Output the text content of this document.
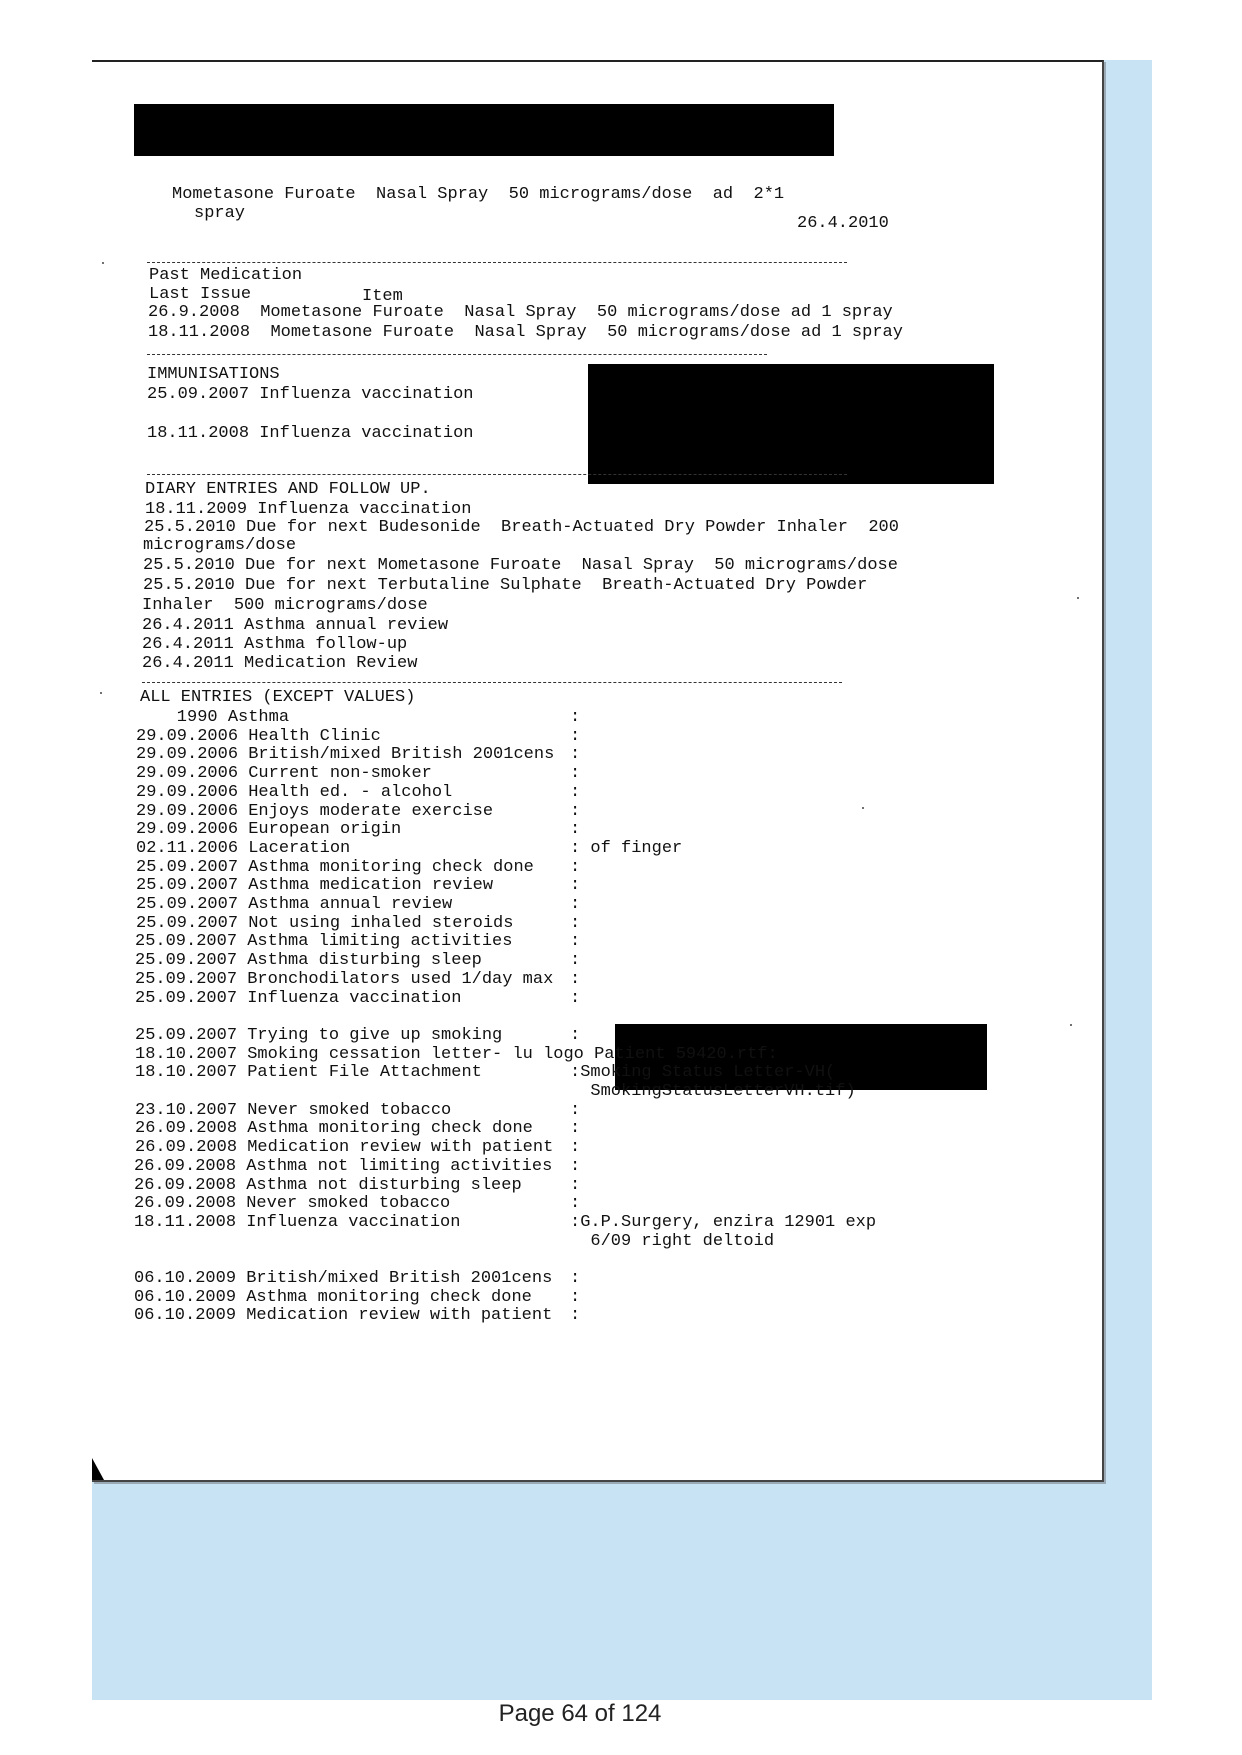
Mometasone Furoate  Nasal Spray  50 micrograms/dose  ad  2*1
spray
26.4.2010
Past Medication
Last Issue	Item
26.9.2008 Mometasone Furoate  Nasal Spray  50 micrograms/dose ad 1 spray
18.11.2008 Mometasone Furoate  Nasal Spray  50 micrograms/dose ad 1 spray
IMMUNISATIONS
25.09.2007 Influenza vaccination
18.11.2008 Influenza vaccination
DIARY ENTRIES AND FOLLOW UP.
18.11.2009 Influenza vaccination
25.5.2010 Due for next Budesonide  Breath-Actuated Dry Powder Inhaler  200
micrograms/dose
25.5.2010 Due for next Mometasone Furoate  Nasal Spray  50 micrograms/dose
25.5.2010 Due for next Terbutaline Sulphate  Breath-Actuated Dry Powder
Inhaler  500 micrograms/dose
26.4.2011 Asthma annual review
26.4.2011 Asthma follow-up
26.4.2011 Medication Review
ALL ENTRIES (EXCEPT VALUES)
1990 Asthma	:
29.09.2006 Health Clinic	:
29.09.2006 British/mixed British 2001cens :
29.09.2006 Current non-smoker	:
29.09.2006 Health ed. - alcohol	:
29.09.2006 Enjoys moderate exercise	:
29.09.2006 European origin	:
02.11.2006 Laceration	: of finger
25.09.2007 Asthma monitoring check done :
25.09.2007 Asthma medication review	:
25.09.2007 Asthma annual review	:
25.09.2007 Not using inhaled steroids	:
25.09.2007 Asthma limiting activities	:
25.09.2007 Asthma disturbing sleep	:
25.09.2007 Bronchodilators used 1/day max :
25.09.2007 Influenza vaccination	:
25.09.2007 Trying to give up smoking	:
18.10.2007 Smoking cessation letter- lu logo Patient 59420.rtf:
18.10.2007 Patient File Attachment	:Smoking Status Letter-VH(
SmokingStatusLetterVH.tif)
23.10.2007 Never smoked tobacco	:
26.09.2008 Asthma monitoring check done :
26.09.2008 Medication review with patient :
26.09.2008 Asthma not limiting activities :
26.09.2008 Asthma not disturbing sleep	:
26.09.2008 Never smoked tobacco	:
18.11.2008 Influenza vaccination	:G.P.Surgery, enzira 12901 exp
6/09 right deltoid
06.10.2009 British/mixed British 2001cens :
06.10.2009 Asthma monitoring check done :
06.10.2009 Medication review with patient :
Page 64 of 124
